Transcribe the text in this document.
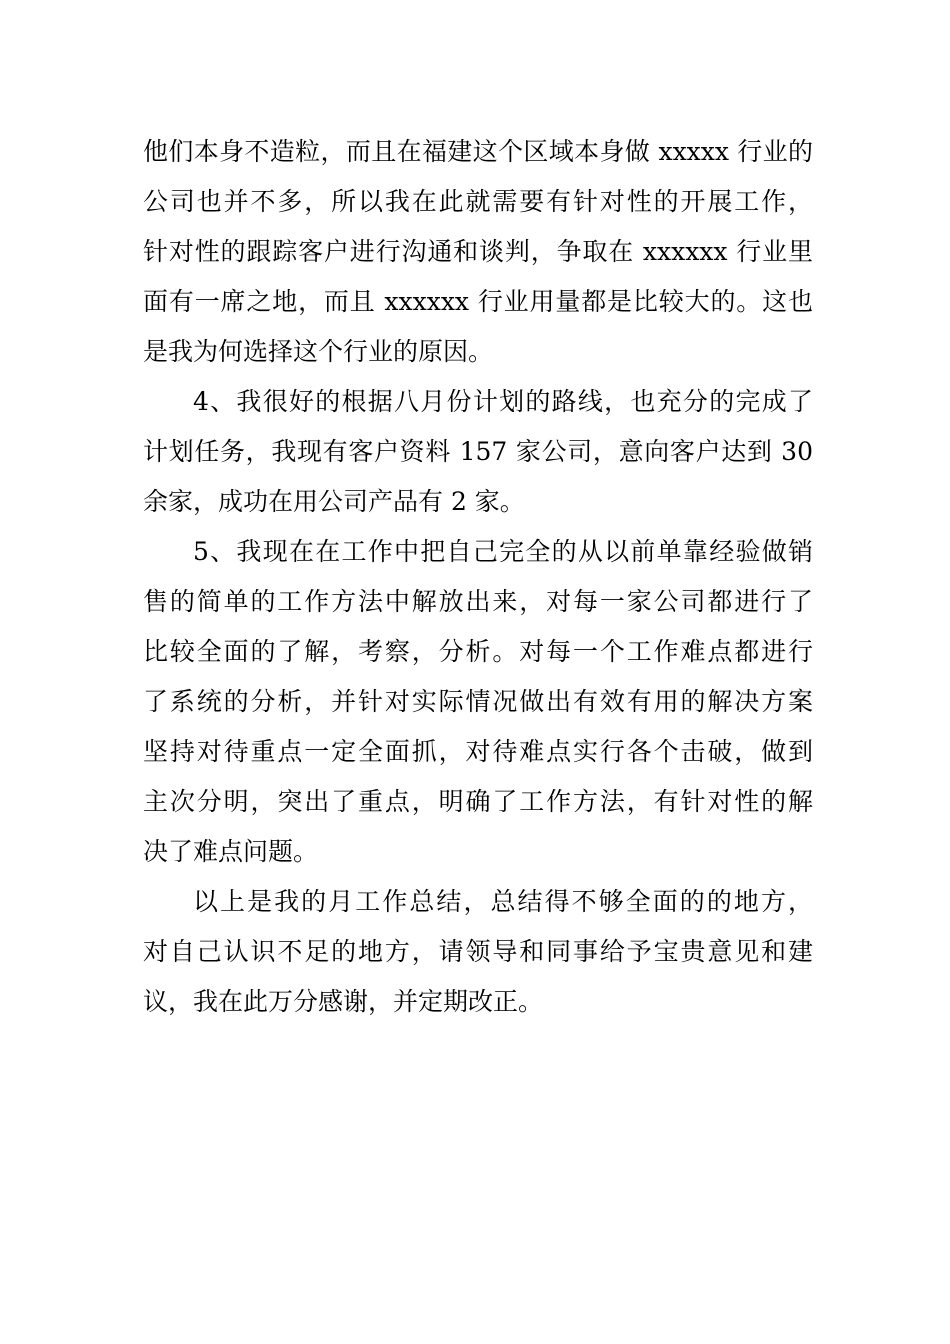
他们本身不造粒，而且在福建这个区域本身做 xxxxx 行业的
公司也并不多，所以我在此就需要有针对性的开展工作，
针对性的跟踪客户进行沟通和谈判，争取在 xxxxxx 行业里
面有一席之地，而且 xxxxxx 行业用量都是比较大的。这也
是我为何选择这个行业的原因。
4、我很好的根据八月份计划的路线，也充分的完成了
计划任务，我现有客户资料 157 家公司，意向客户达到 30
余家，成功在用公司产品有 2 家。
5、我现在在工作中把自己完全的从以前单靠经验做销
售的简单的工作方法中解放出来，对每一家公司都进行了
比较全面的了解，考察，分析。对每一个工作难点都进行
了系统的分析，并针对实际情况做出有效有用的解决方案
坚持对待重点一定全面抓，对待难点实行各个击破，做到
主次分明，突出了重点，明确了工作方法，有针对性的解
决了难点问题。
以上是我的月工作总结，总结得不够全面的的地方，
对自己认识不足的地方，请领导和同事给予宝贵意见和建
议，我在此万分感谢，并定期改正。
